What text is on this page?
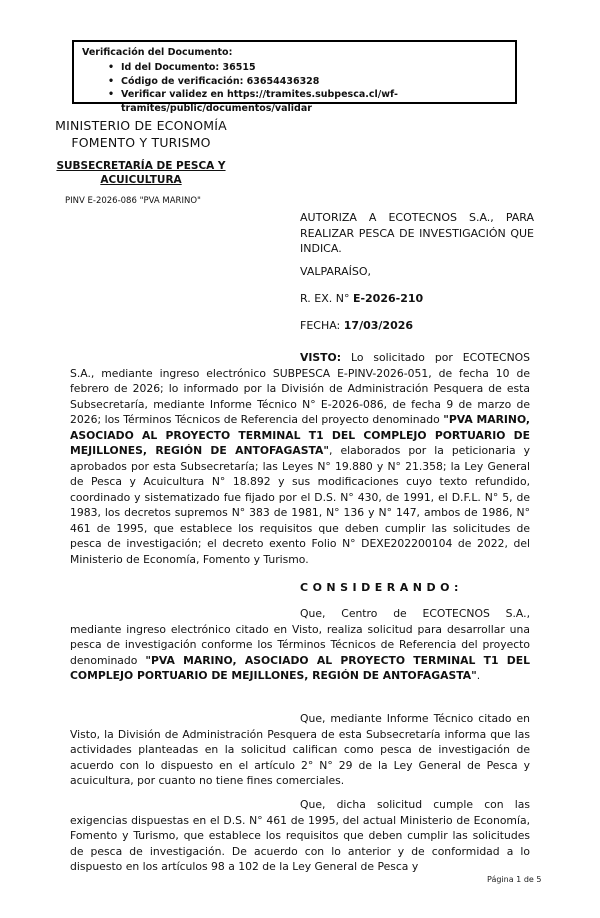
Verificación del Documento:
• Id del Documento: 36515
• Código de verificación: 63654436328
• Verificar validez en https://tramites.subpesca.cl/wf-tramites/public/documentos/validar
MINISTERIO DE ECONOMÍA
FOMENTO Y TURISMO
SUBSECRETARÍA DE PESCA Y
ACUICULTURA
PINV E-2026-086 "PVA MARINO"

AUTORIZA A ECOTECNOS S.A., PARA REALIZAR PESCA DE INVESTIGACIÓN QUE INDICA.

VALPARAÍSO,

R. EX. N° E-2026-210

FECHA: 17/03/2026

VISTO: Lo solicitado por ECOTECNOS S.A., mediante ingreso electrónico SUBPESCA E-PINV-2026-051, de fecha 10 de febrero de 2026; lo informado por la División de Administración Pesquera de esta Subsecretaría, mediante Informe Técnico N° E-2026-086, de fecha 9 de marzo de 2026; los Términos Técnicos de Referencia del proyecto denominado "PVA MARINO, ASOCIADO AL PROYECTO TERMINAL T1 DEL COMPLEJO PORTUARIO DE MEJILLONES, REGIÓN DE ANTOFAGASTA", elaborados por la peticionaria y aprobados por esta Subsecretaría; las Leyes N° 19.880 y N° 21.358; la Ley General de Pesca y Acuicultura N° 18.892 y sus modificaciones cuyo texto refundido, coordinado y sistematizado fue fijado por el D.S. N° 430, de 1991, el D.F.L. N° 5, de 1983, los decretos supremos N° 383 de 1981, N° 136 y N° 147, ambos de 1986, N° 461 de 1995, que establece los requisitos que deben cumplir las solicitudes de pesca de investigación; el decreto exento Folio N° DEXE202200104 de 2022, del Ministerio de Economía, Fomento y Turismo.

CONSIDERANDO:

Que, Centro de ECOTECNOS S.A., mediante ingreso electrónico citado en Visto, realiza solicitud para desarrollar una pesca de investigación conforme los Términos Técnicos de Referencia del proyecto denominado "PVA MARINO, ASOCIADO AL PROYECTO TERMINAL T1 DEL COMPLEJO PORTUARIO DE MEJILLONES, REGIÓN DE ANTOFAGASTA".

Que, mediante Informe Técnico citado en Visto, la División de Administración Pesquera de esta Subsecretaría informa que las actividades planteadas en la solicitud califican como pesca de investigación de acuerdo con lo dispuesto en el artículo 2° N° 29 de la Ley General de Pesca y acuicultura, por cuanto no tiene fines comerciales.

Que, dicha solicitud cumple con las exigencias dispuestas en el D.S. N° 461 de 1995, del actual Ministerio de Economía, Fomento y Turismo, que establece los requisitos que deben cumplir las solicitudes de pesca de investigación. De acuerdo con lo anterior y de conformidad a lo dispuesto en los artículos 98 a 102 de la Ley General de Pesca y

Página 1 de 5
